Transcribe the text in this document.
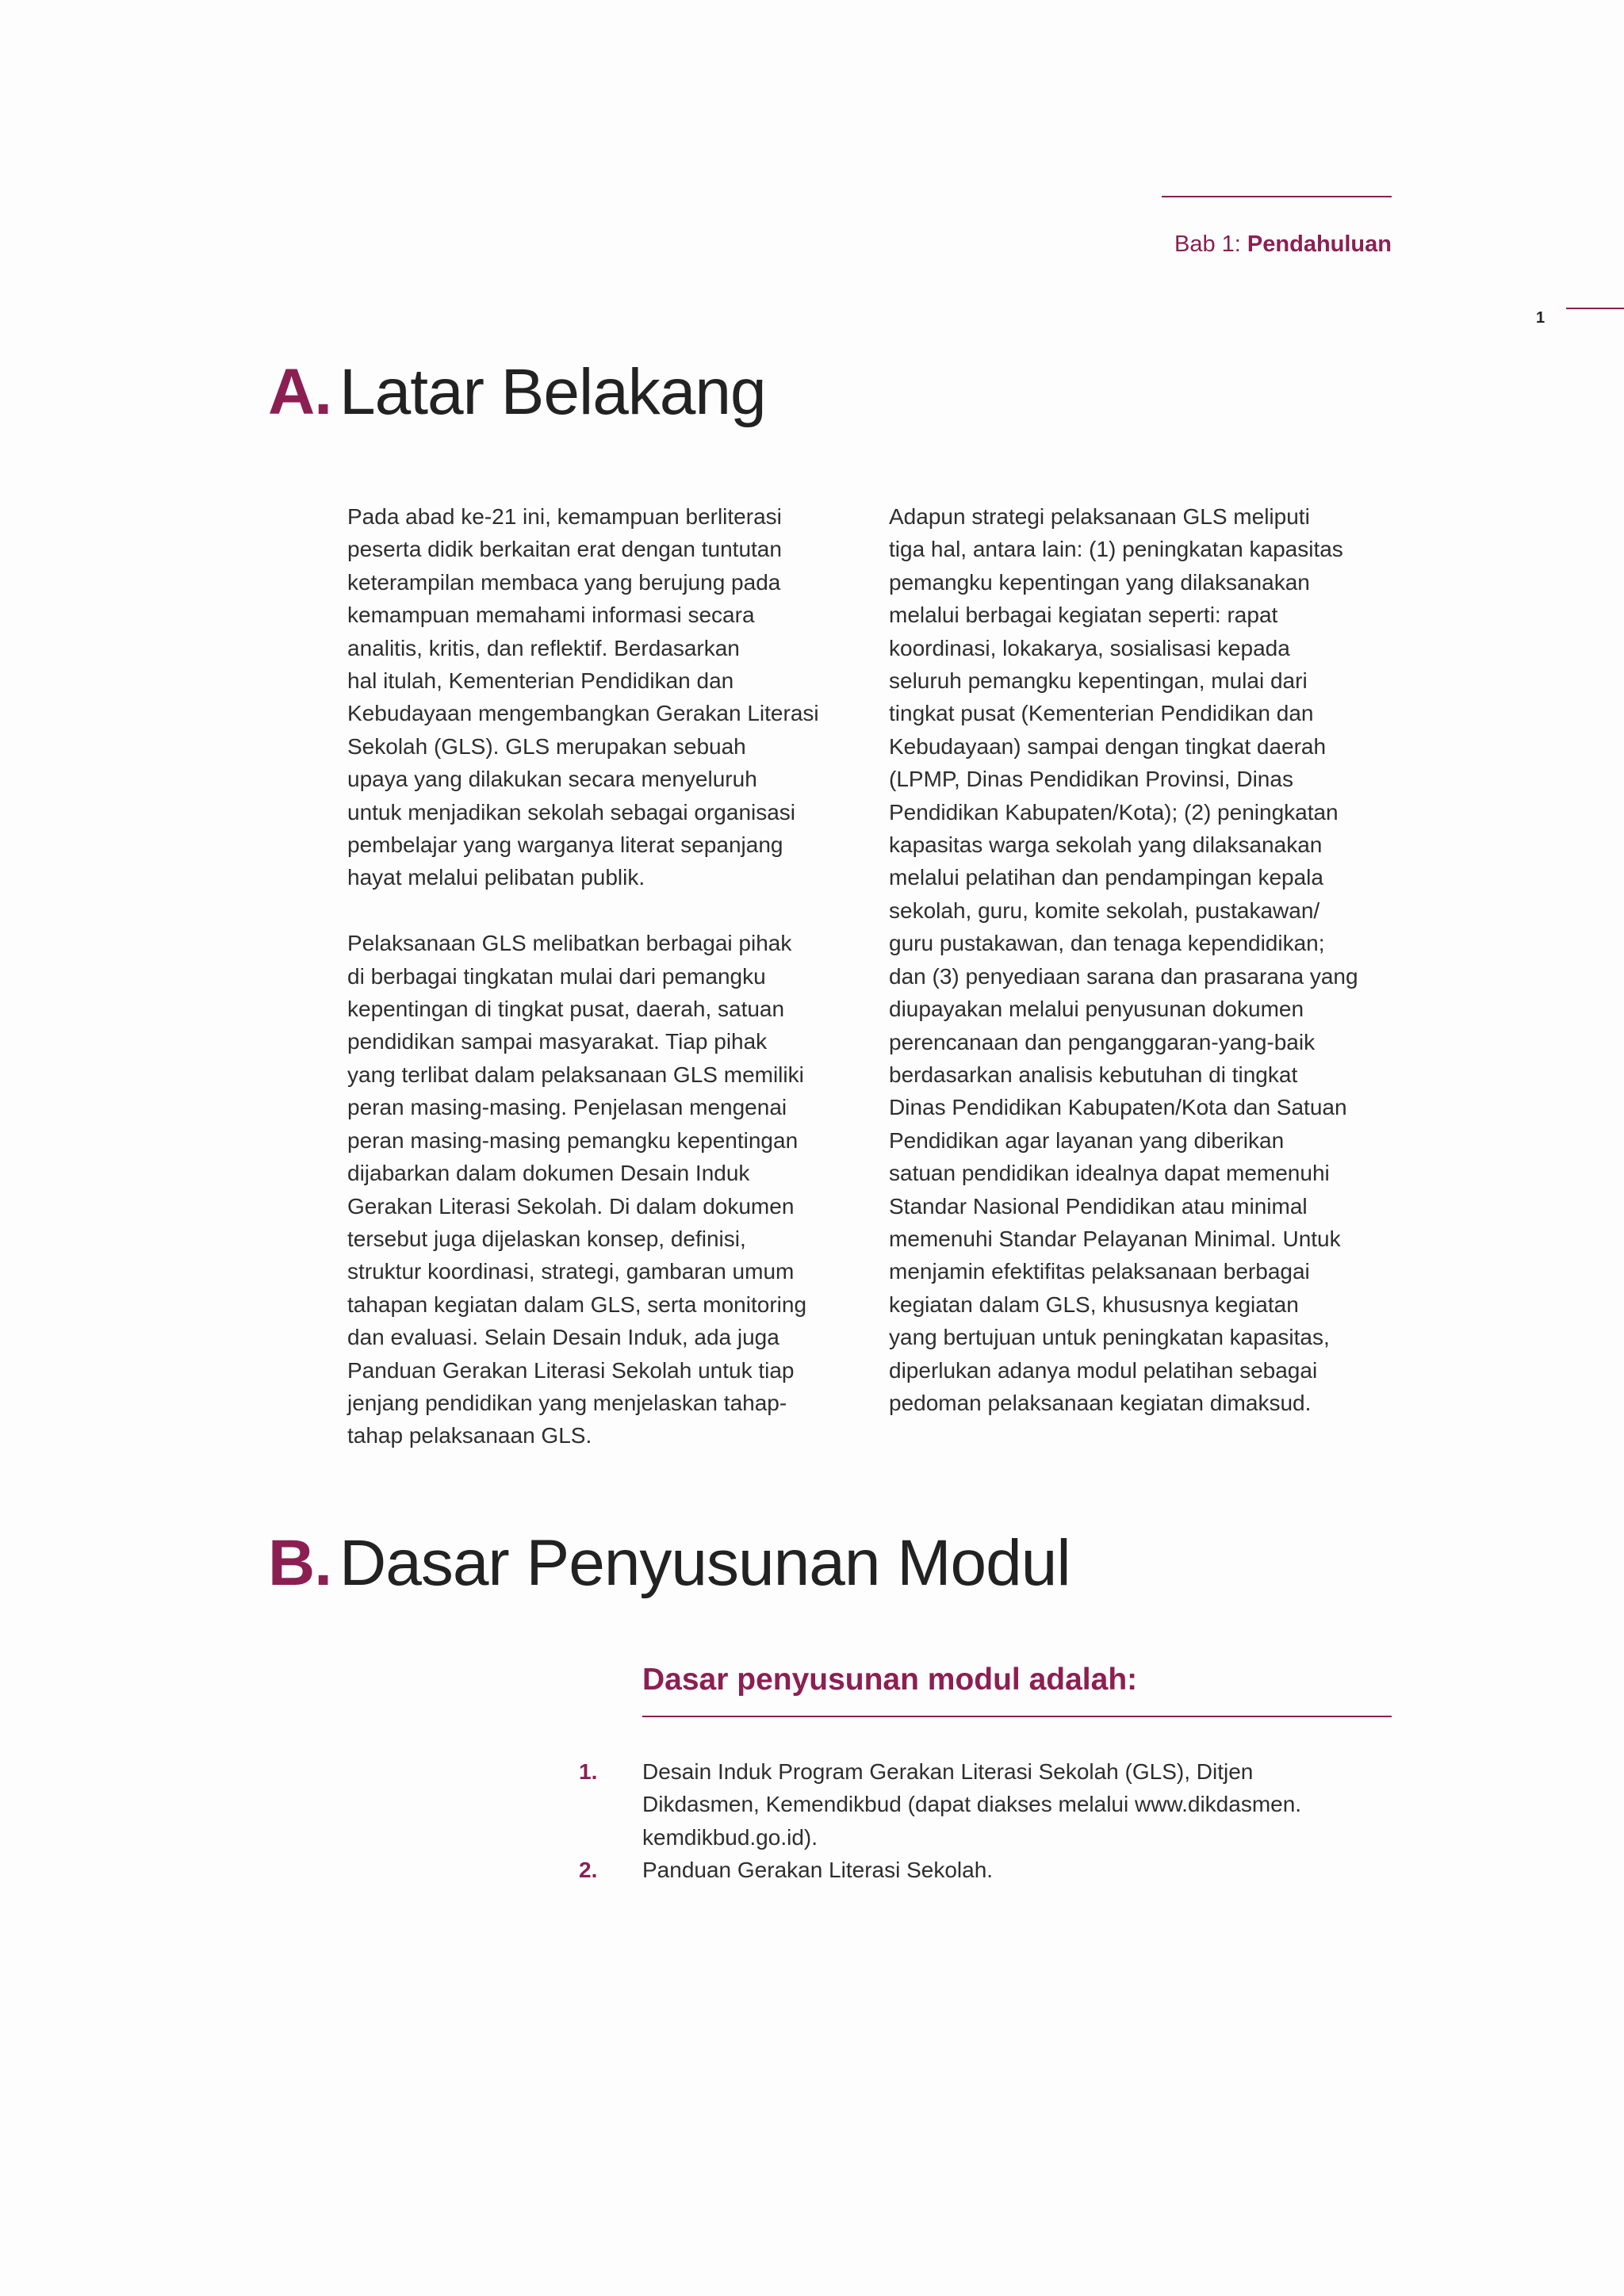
Bab 1: Pendahuluan
1
A. Latar Belakang

Pada abad ke-21 ini, kemampuan berliterasi
peserta didik berkaitan erat dengan tuntutan
keterampilan membaca yang berujung pada
kemampuan memahami informasi secara
analitis, kritis, dan reflektif. Berdasarkan
hal itulah, Kementerian Pendidikan dan
Kebudayaan mengembangkan Gerakan Literasi
Sekolah (GLS). GLS merupakan sebuah
upaya yang dilakukan secara menyeluruh
untuk menjadikan sekolah sebagai organisasi
pembelajar yang warganya literat sepanjang
hayat melalui pelibatan publik.

Pelaksanaan GLS melibatkan berbagai pihak
di berbagai tingkatan mulai dari pemangku
kepentingan di tingkat pusat, daerah, satuan
pendidikan sampai masyarakat. Tiap pihak
yang terlibat dalam pelaksanaan GLS memiliki
peran masing-masing. Penjelasan mengenai
peran masing-masing pemangku kepentingan
dijabarkan dalam dokumen Desain Induk
Gerakan Literasi Sekolah. Di dalam dokumen
tersebut juga dijelaskan konsep, definisi,
struktur koordinasi, strategi, gambaran umum
tahapan kegiatan dalam GLS, serta monitoring
dan evaluasi. Selain Desain Induk, ada juga
Panduan Gerakan Literasi Sekolah untuk tiap
jenjang pendidikan yang menjelaskan tahap-
tahap pelaksanaan GLS.

Adapun strategi pelaksanaan GLS meliputi
tiga hal, antara lain: (1) peningkatan kapasitas
pemangku kepentingan yang dilaksanakan
melalui berbagai kegiatan seperti: rapat
koordinasi, lokakarya, sosialisasi kepada
seluruh pemangku kepentingan, mulai dari
tingkat pusat (Kementerian Pendidikan dan
Kebudayaan) sampai dengan tingkat daerah
(LPMP, Dinas Pendidikan Provinsi, Dinas
Pendidikan Kabupaten/Kota); (2) peningkatan
kapasitas warga sekolah yang dilaksanakan
melalui pelatihan dan pendampingan kepala
sekolah, guru, komite sekolah, pustakawan/
guru pustakawan, dan tenaga kependidikan;
dan (3) penyediaan sarana dan prasarana yang
diupayakan melalui penyusunan dokumen
perencanaan dan penganggaran-yang-baik
berdasarkan analisis kebutuhan di tingkat
Dinas Pendidikan Kabupaten/Kota dan Satuan
Pendidikan agar layanan yang diberikan
satuan pendidikan idealnya dapat memenuhi
Standar Nasional Pendidikan atau minimal
memenuhi Standar Pelayanan Minimal. Untuk
menjamin efektifitas pelaksanaan berbagai
kegiatan dalam GLS, khususnya kegiatan
yang bertujuan untuk peningkatan kapasitas,
diperlukan adanya modul pelatihan sebagai
pedoman pelaksanaan kegiatan dimaksud.

B. Dasar Penyusunan Modul
Dasar penyusunan modul adalah:
1. Desain Induk Program Gerakan Literasi Sekolah (GLS), Ditjen
Dikdasmen, Kemendikbud (dapat diakses melalui www.dikdasmen.
kemdikbud.go.id).
2. Panduan Gerakan Literasi Sekolah.
